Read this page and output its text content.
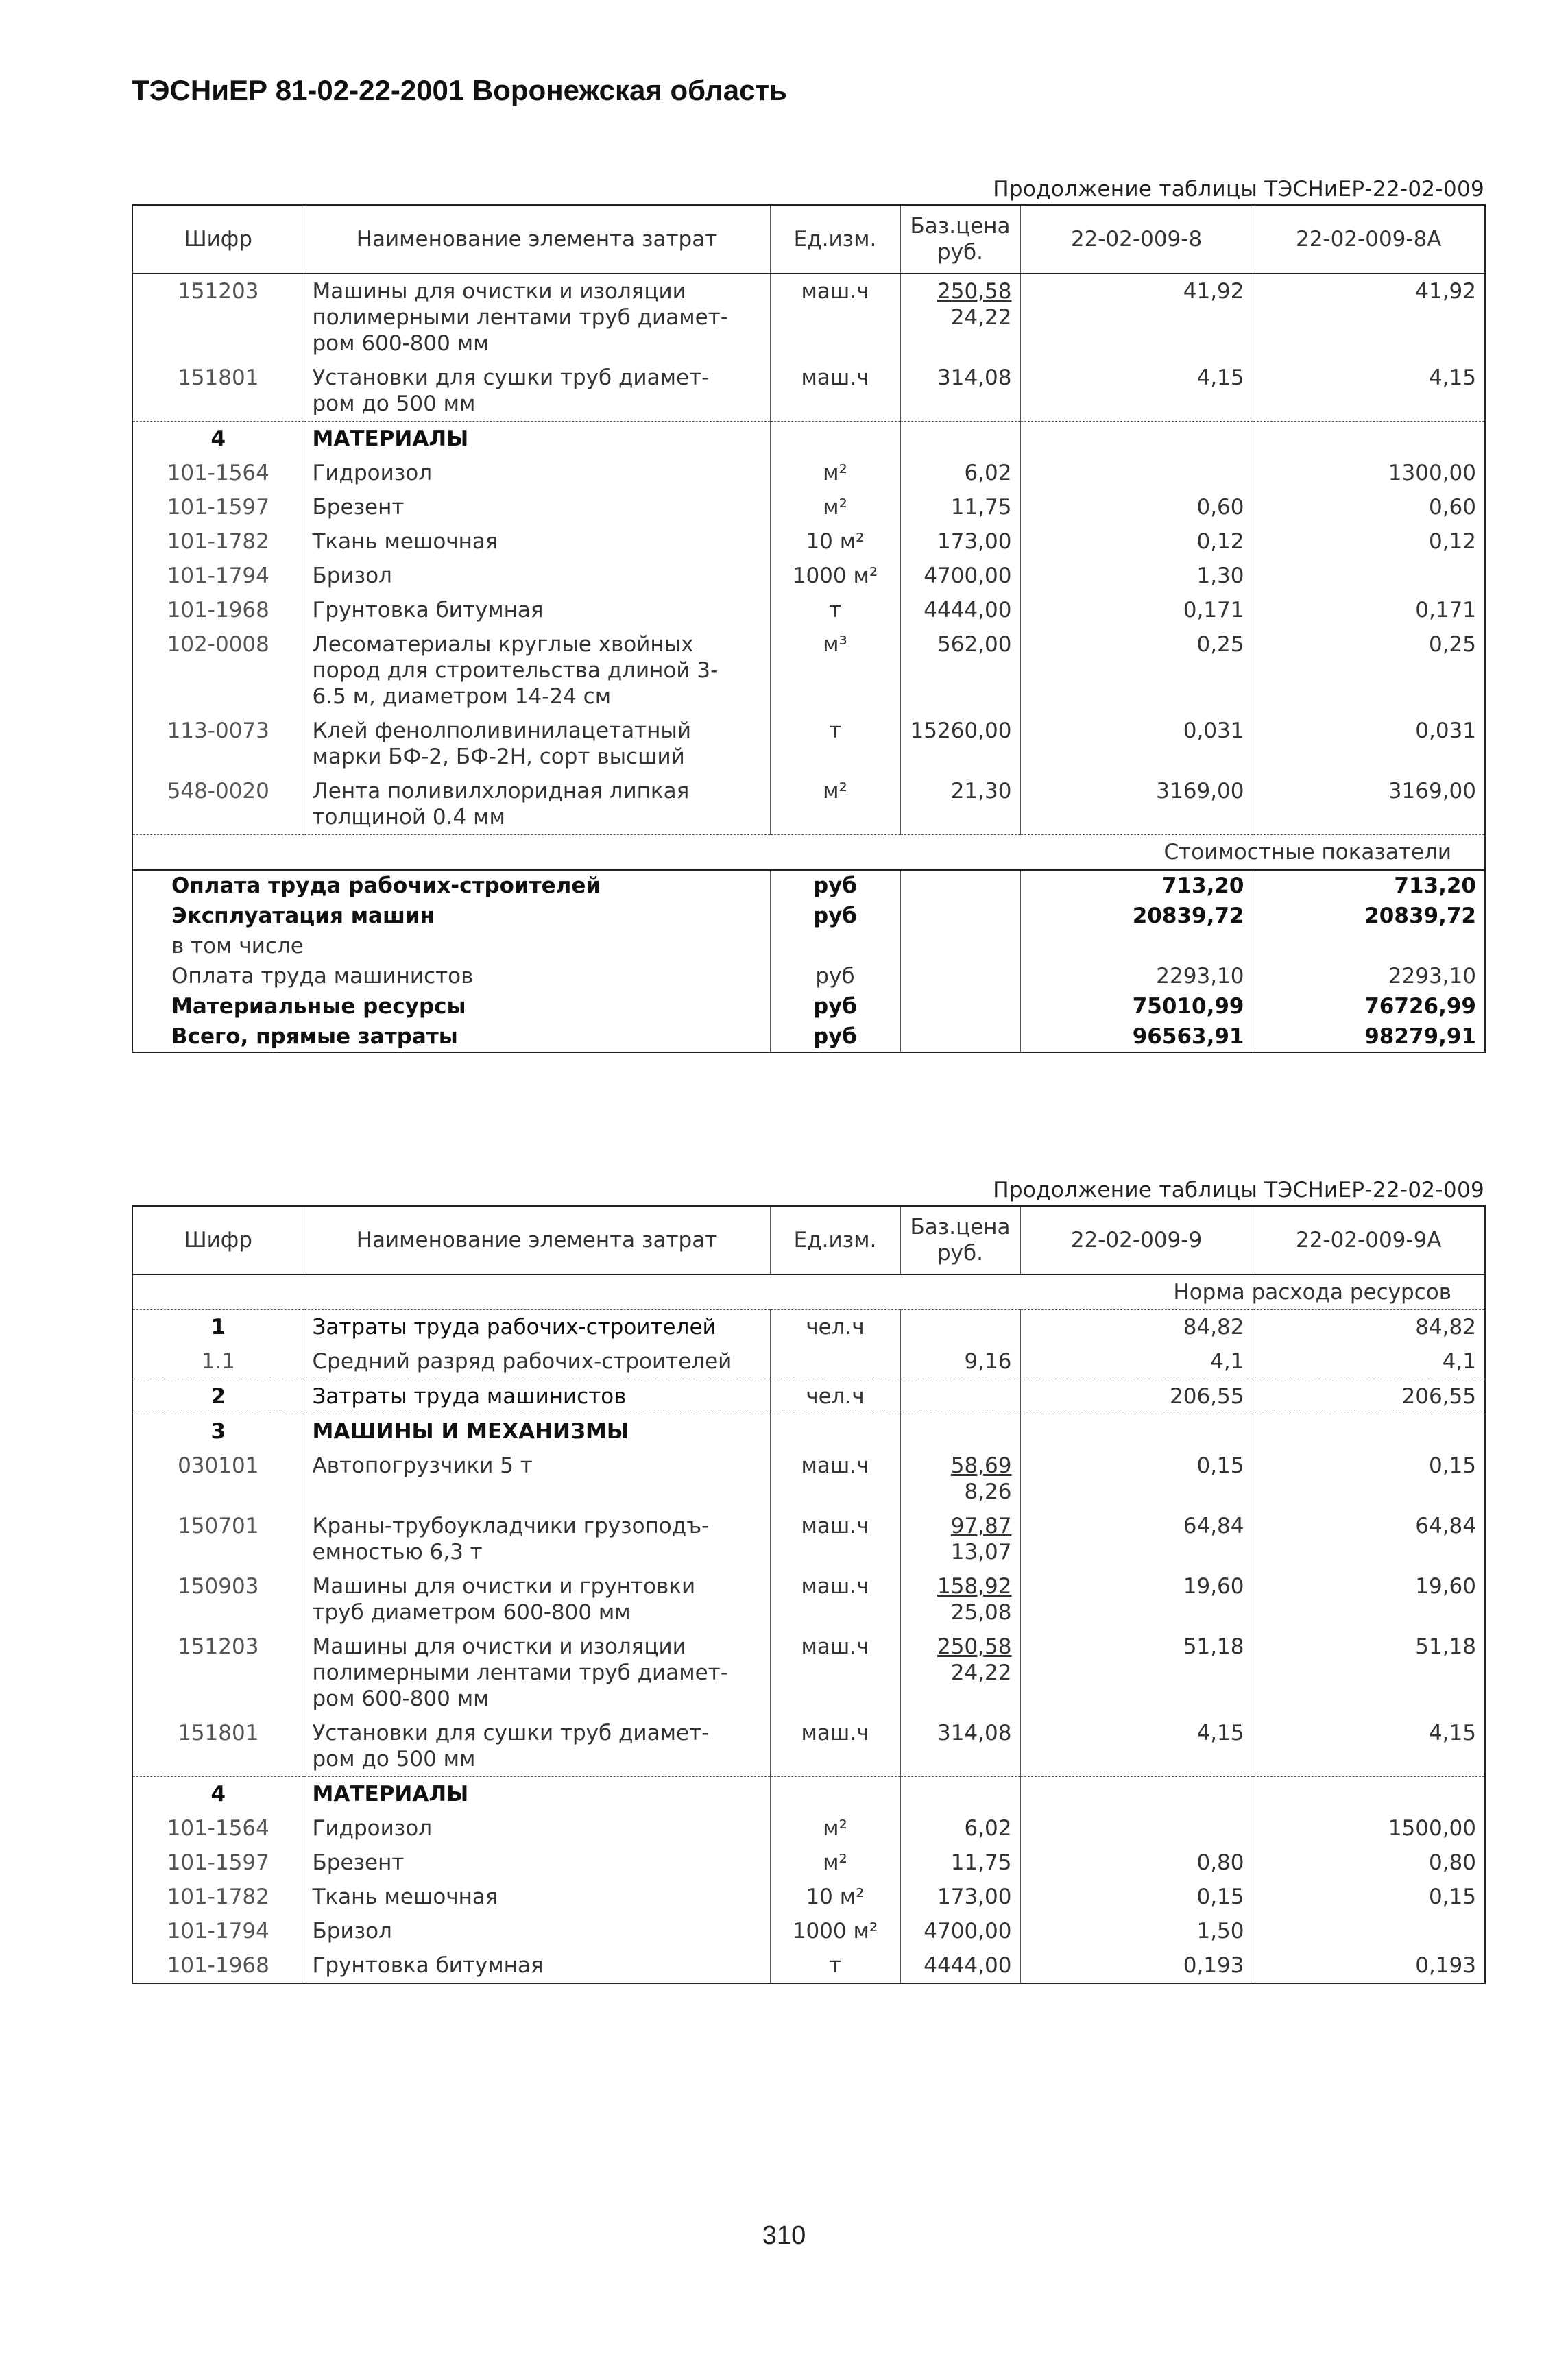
ТЭСНиЕР 81-02-22-2001 Воронежская область
Продолжение таблицы ТЭСНиЕР-22-02-009
Шифр	Наименование элемента затрат	Ед.изм.	Баз.цена руб.	22-02-009-8	22-02-009-8А
151203	Машины для очистки и изоляции
полимерными лентами труб диамет-
ром 600-800 мм	маш.ч	250,58
24,22	41,92	41,92
151801	Установки для сушки труб диамет-
ром до 500 мм	маш.ч	314,08	4,15	4,15
4	МАТЕРИАЛЫ				
101-1564	Гидроизол	м²	6,02		1300,00
101-1597	Брезент	м²	11,75	0,60	0,60
101-1782	Ткань мешочная	10 м²	173,00	0,12	0,12
101-1794	Бризол	1000 м²	4700,00	1,30	
101-1968	Грунтовка битумная	т	4444,00	0,171	0,171
102-0008	Лесоматериалы круглые хвойных
пород для строительства длиной 3-
6.5 м, диаметром 14-24 см	м³	562,00	0,25	0,25
113-0073	Клей фенолполивинилацетатный
марки БФ-2, БФ-2Н, сорт высший	т	15260,00	0,031	0,031
548-0020	Лента поливилхлоридная липкая
толщиной 0.4 мм	м²	21,30	3169,00	3169,00
Стоимостные показатели					
Оплата труда рабочих-строителей		руб		713,20	713,20
Эксплуатация машин		руб		20839,72	20839,72
в том числе					
Оплата труда машинистов		руб		2293,10	2293,10
Материальные ресурсы		руб		75010,99	76726,99
Всего, прямые затраты		руб		96563,91	98279,91
Продолжение таблицы ТЭСНиЕР-22-02-009
Шифр	Наименование элемента затрат	Ед.изм.	Баз.цена руб.	22-02-009-9	22-02-009-9А
Норма расхода ресурсов					
1	Затраты труда рабочих-строителей	чел.ч		84,82	84,82
1.1	Средний разряд рабочих-строителей		9,16	4,1	4,1
2	Затраты труда машинистов	чел.ч		206,55	206,55
3	МАШИНЫ И МЕХАНИЗМЫ				
030101	Автопогрузчики 5 т	маш.ч	58,69
8,26	0,15	0,15
150701	Краны-трубоукладчики грузоподъ-
емностью 6,3 т	маш.ч	97,87
13,07	64,84	64,84
150903	Машины для очистки и грунтовки
труб диаметром 600-800 мм	маш.ч	158,92
25,08	19,60	19,60
151203	Машины для очистки и изоляции
полимерными лентами труб диамет-
ром 600-800 мм	маш.ч	250,58
24,22	51,18	51,18
151801	Установки для сушки труб диамет-
ром до 500 мм	маш.ч	314,08	4,15	4,15
4	МАТЕРИАЛЫ				
101-1564	Гидроизол	м²	6,02		1500,00
101-1597	Брезент	м²	11,75	0,80	0,80
101-1782	Ткань мешочная	10 м²	173,00	0,15	0,15
101-1794	Бризол	1000 м²	4700,00	1,50	
101-1968	Грунтовка битумная	т	4444,00	0,193	0,193
310
